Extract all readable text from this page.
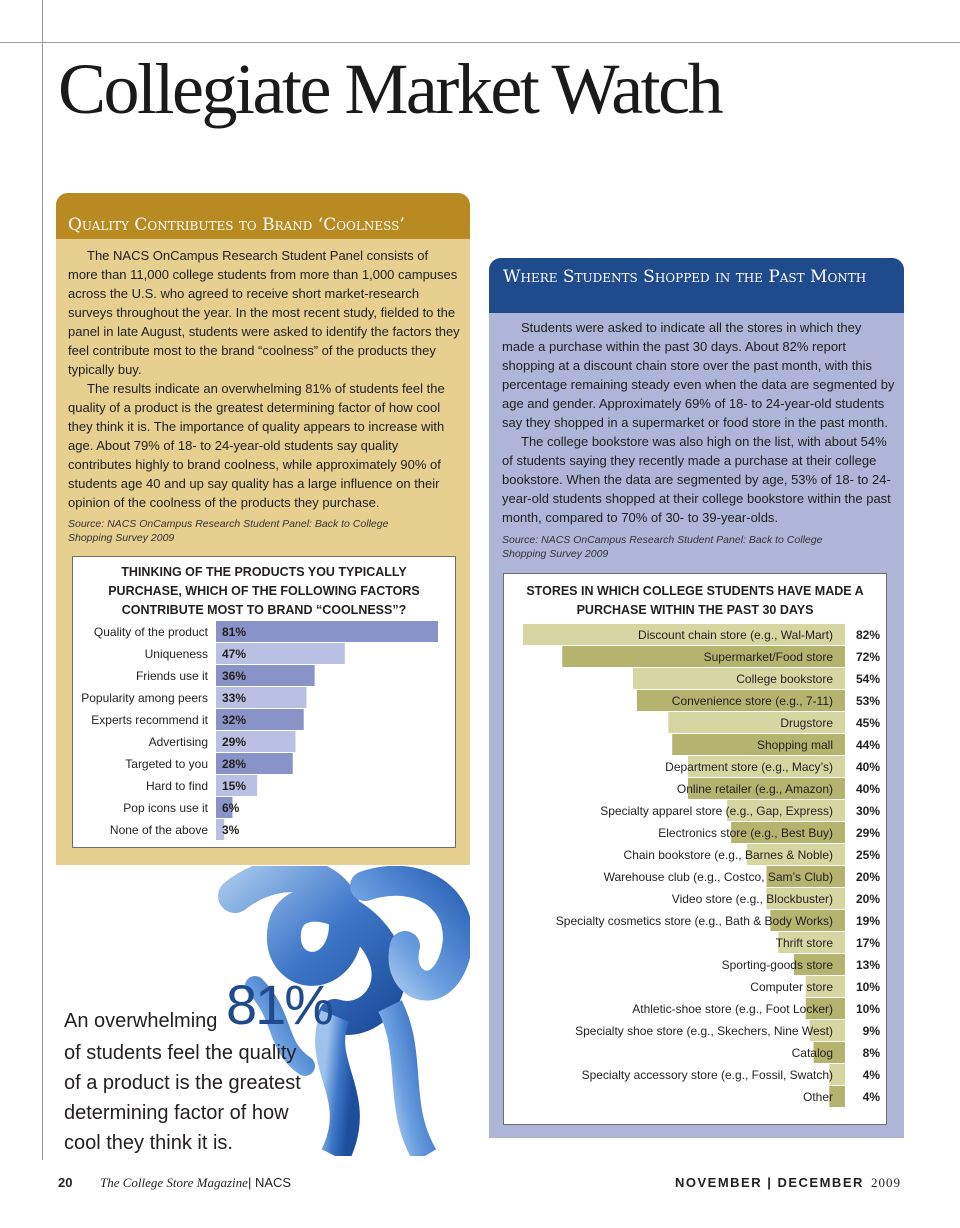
Collegiate Market Watch
Quality Contributes to Brand ‘Coolness’

The NACS OnCampus Research Student Panel consists of more than 11,000 college students from more than 1,000 campuses across the U.S. who agreed to receive short market-research surveys throughout the year. In the most recent study, fielded to the panel in late August, students were asked to identify the factors they feel contribute most to the brand “coolness” of the products they typically buy.

The results indicate an overwhelming 81% of students feel the quality of a product is the greatest determining factor of how cool they think it is. The importance of quality appears to increase with age. About 79% of 18- to 24-year-old students say quality contributes highly to brand coolness, while approximately 90% of students age 40 and up say quality has a large influence on their opinion of the coolness of the products they purchase.

Source: NACS OnCampus Research Student Panel: Back to College Shopping Survey 2009
THINKING OF THE PRODUCTS YOU TYPICALLY PURCHASE, WHICH OF THE FOLLOWING FACTORS CONTRIBUTE MOST TO BRAND “COOLNESS”?
Quality of the product 81%
Uniqueness 47%
Friends use it 36%
Popularity among peers 33%
Experts recommend it 32%
Advertising 29%
Targeted to you 28%
Hard to find 15%
Pop icons use it 6%
None of the above 3%
Where Students Shopped in the Past Month

Students were asked to indicate all the stores in which they made a purchase within the past 30 days. About 82% report shopping at a discount chain store over the past month, with this percentage remaining steady even when the data are segmented by age and gender. Approximately 69% of 18- to 24-year-old students say they shopped in a supermarket or food store in the past month.

The college bookstore was also high on the list, with about 54% of students saying they recently made a purchase at their college bookstore. When the data are segmented by age, 53% of 18- to 24-year-old students shopped at their college bookstore within the past month, compared to 70% of 30- to 39-year-olds.

Source: NACS OnCampus Research Student Panel: Back to College Shopping Survey 2009
STORES IN WHICH COLLEGE STUDENTS HAVE MADE A PURCHASE WITHIN THE PAST 30 DAYS
Discount chain store (e.g., Wal-Mart) 82%
Supermarket/Food store 72%
College bookstore 54%
Convenience store (e.g., 7-11) 53%
Drugstore 45%
Shopping mall 44%
Department store (e.g., Macy’s) 40%
Online retailer (e.g., Amazon) 40%
Specialty apparel store (e.g., Gap, Express) 30%
Electronics store (e.g., Best Buy) 29%
Chain bookstore (e.g., Barnes & Noble) 25%
Warehouse club (e.g., Costco, Sam’s Club) 20%
Video store (e.g., Blockbuster) 20%
Specialty cosmetics store (e.g., Bath & Body Works) 19%
Thrift store 17%
Sporting-goods store 13%
Computer store 10%
Athletic-shoe store (e.g., Foot Locker) 10%
Specialty shoe store (e.g., Skechers, Nine West) 9%
Catalog 8%
Specialty accessory store (e.g., Fossil, Swatch) 4%
Other 4%
An overwhelming 81%
of students feel the quality of a product is the greatest determining factor of how cool they think it is.
20 The College Store Magazine | NACS	NOVEMBER | DECEMBER 2009
